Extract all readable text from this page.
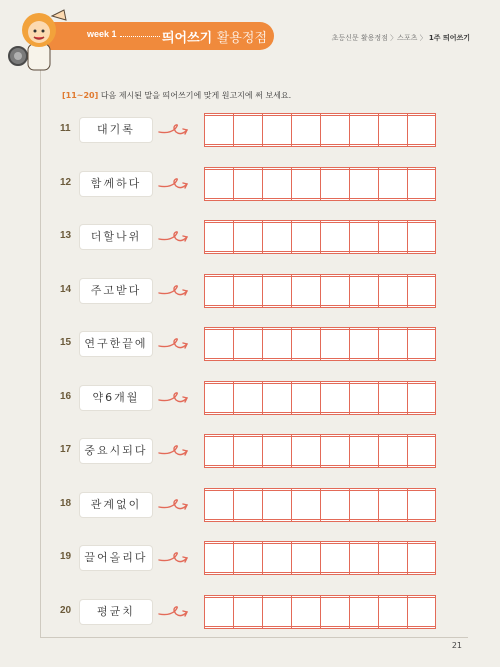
week 1	띄어쓰기 활용정점	초등신문 활용정점 〉스포츠 〉 1주 띄어쓰기
[11~20] 다음 제시된 말을 띄어쓰기에 맞게 원고지에 써 보세요.
11	대기록
12	함께하다
13	더할나위
14	주고받다
15	연구한끝에
16	약6개월
17	중요시되다
18	관계없이
19	끌어올리다
20	평균치
21
